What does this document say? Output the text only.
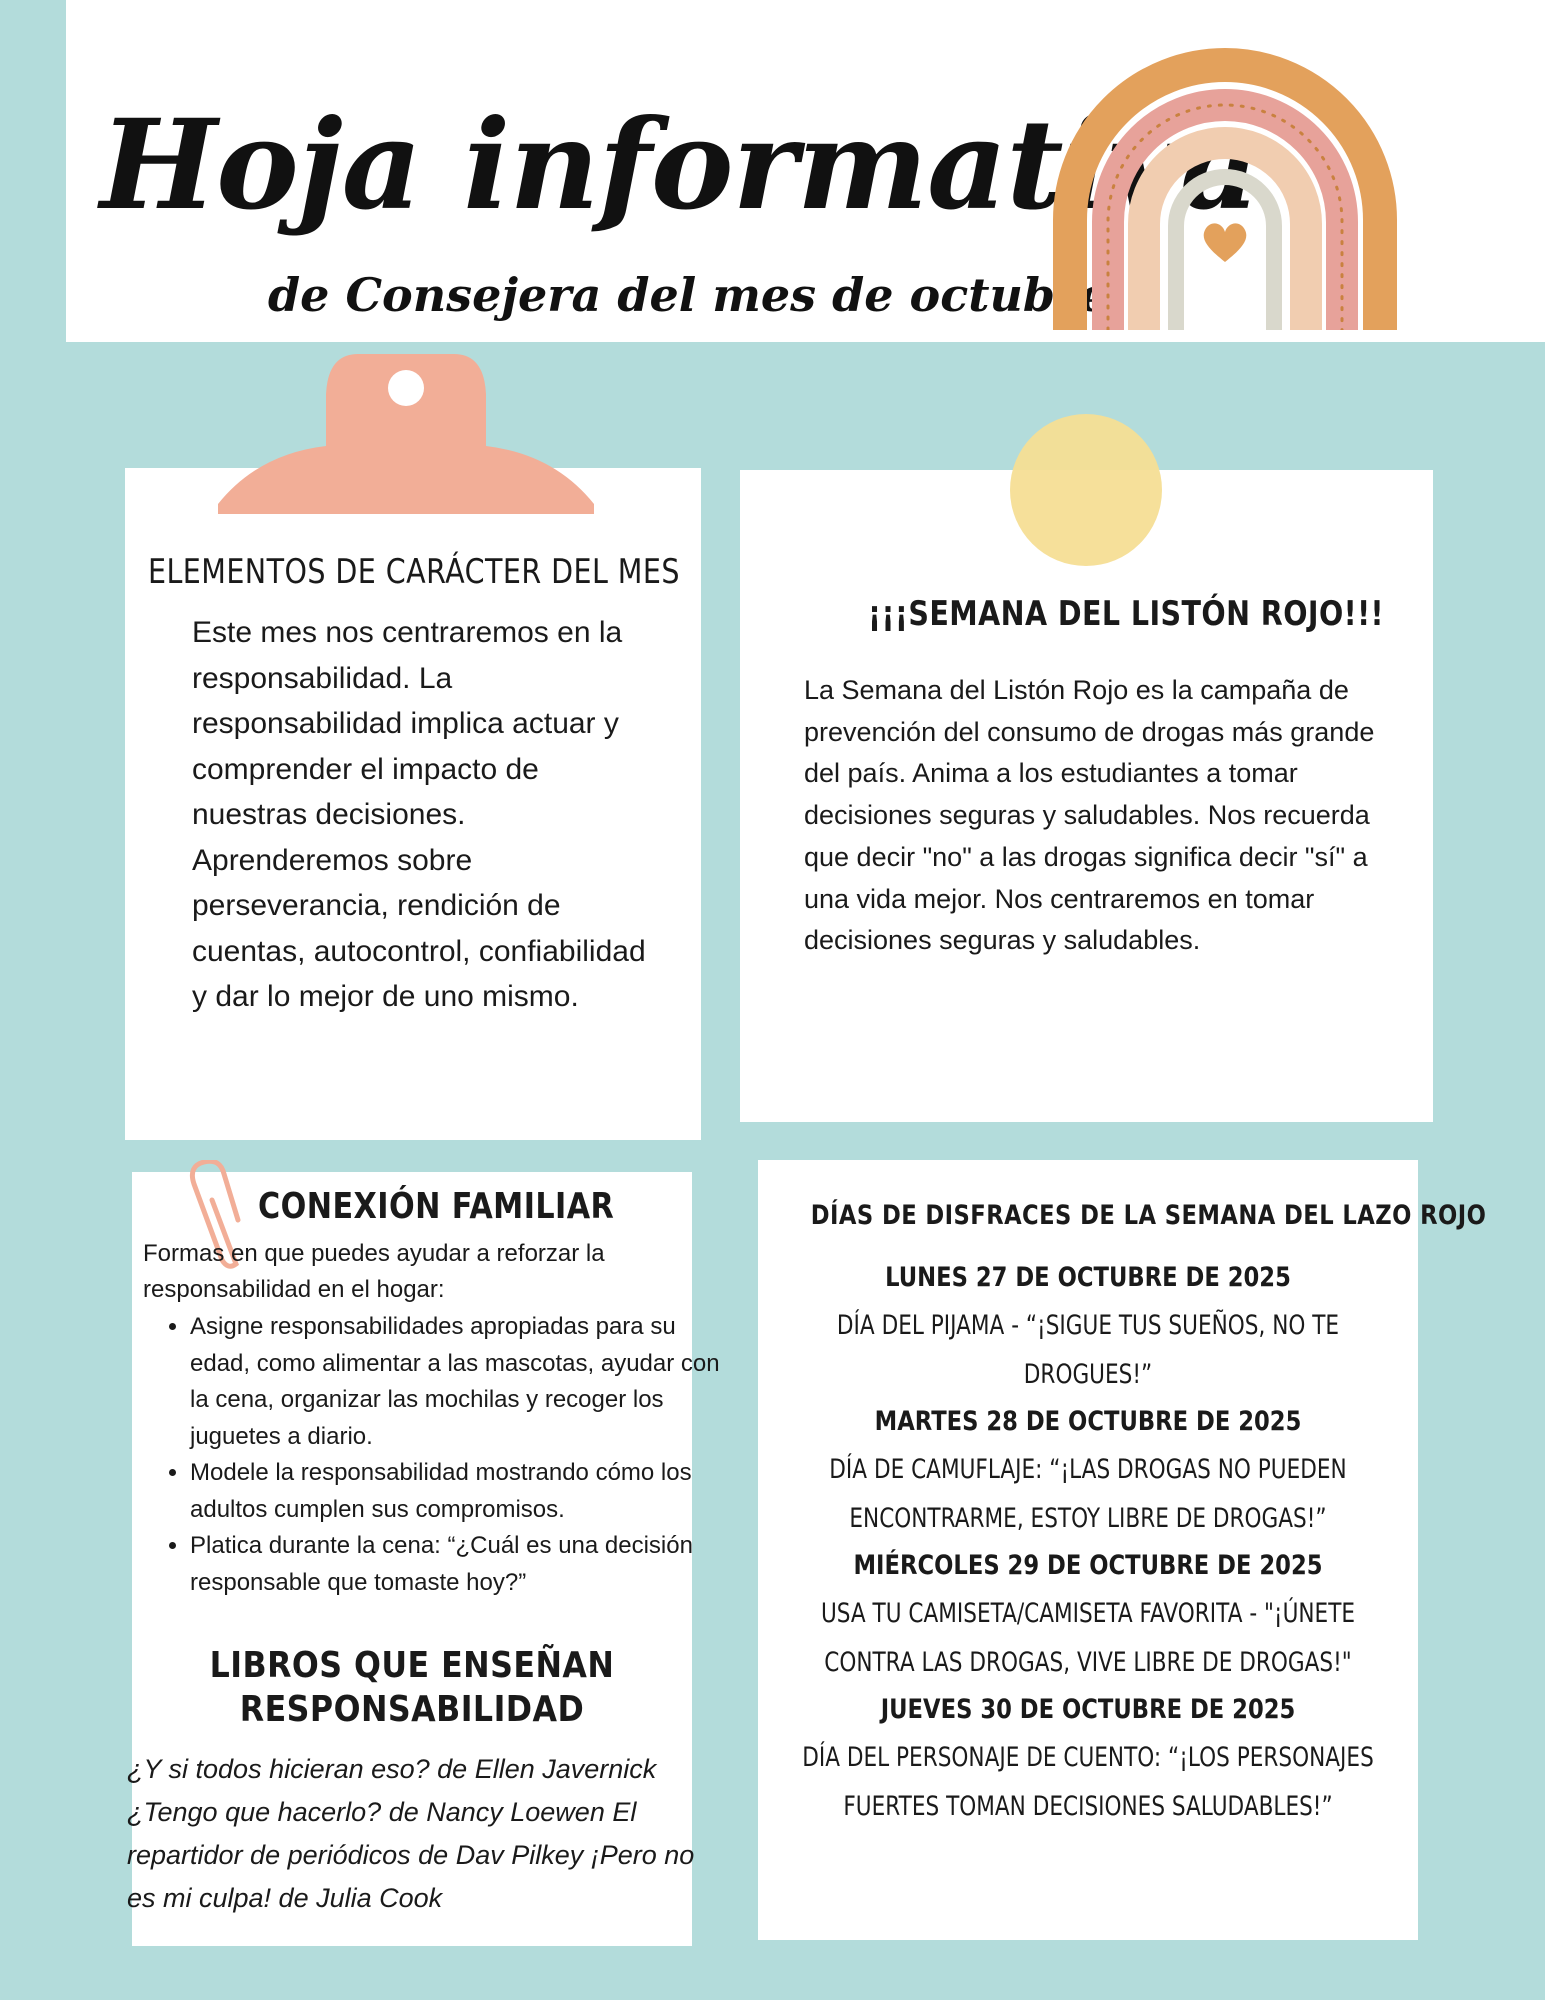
Hoja informativa

de Consejera del mes de octubre

ELEMENTOS DE CARÁCTER DEL MES

Este mes nos centraremos en la responsabilidad. La responsabilidad implica actuar y comprender el impacto de nuestras decisiones. Aprenderemos sobre perseverancia, rendición de cuentas, autocontrol, confiabilidad y dar lo mejor de uno mismo.

¡¡¡SEMANA DEL LISTÓN ROJO!!!

La Semana del Listón Rojo es la campaña de prevención del consumo de drogas más grande del país. Anima a los estudiantes a tomar decisiones seguras y saludables. Nos recuerda que decir "no" a las drogas significa decir "sí" a una vida mejor. Nos centraremos en tomar decisiones seguras y saludables.

CONEXIÓN FAMILIAR

Formas en que puedes ayudar a reforzar la responsabilidad en el hogar:

• Asigne responsabilidades apropiadas para su edad, como alimentar a las mascotas, ayudar con la cena, organizar las mochilas y recoger los juguetes a diario.
• Modele la responsabilidad mostrando cómo los adultos cumplen sus compromisos.
• Platica durante la cena: “¿Cuál es una decisión responsable que tomaste hoy?”
LIBROS QUE ENSEÑAN RESPONSABILIDAD

¿Y si todos hicieran eso? de Ellen Javernick ¿Tengo que hacerlo? de Nancy Loewen El repartidor de periódicos de Dav Pilkey ¡Pero no es mi culpa! de Julia Cook

DÍAS DE DISFRACES DE LA SEMANA DEL LAZO ROJO

LUNES 27 DE OCTUBRE DE 2025

DÍA DEL PIJAMA - “¡SIGUE TUS SUEÑOS, NO TE DROGUES!”

MARTES 28 DE OCTUBRE DE 2025

DÍA DE CAMUFLAJE: “¡LAS DROGAS NO PUEDEN ENCONTRARME, ESTOY LIBRE DE DROGAS!”

MIÉRCOLES 29 DE OCTUBRE DE 2025

USA TU CAMISETA/CAMISETA FAVORITA - "¡ÚNETE CONTRA LAS DROGAS, VIVE LIBRE DE DROGAS!"

JUEVES 30 DE OCTUBRE DE 2025

DÍA DEL PERSONAJE DE CUENTO: “¡LOS PERSONAJES FUERTES TOMAN DECISIONES SALUDABLES!”
